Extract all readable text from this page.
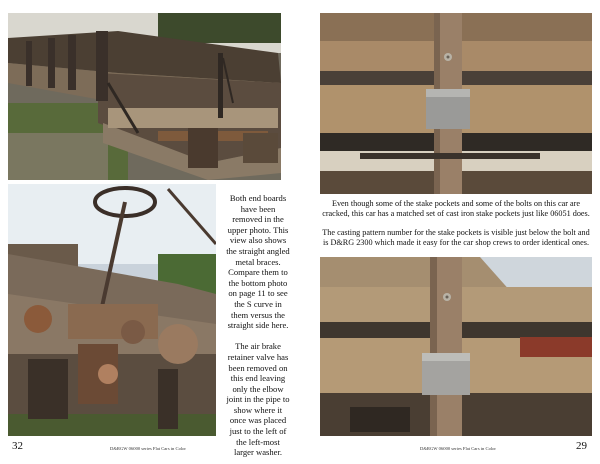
Both end boards
have been
removed in the
upper photo. This
view also shows
the straight angled
metal braces.
Compare them to
the bottom photo
on page 11 to see
the S curve in
them versus the
straight side here.
The air brake
retainer valve has
been removed on
this end leaving
only the elbow
joint in the pipe to
show where it
once was placed
just to the left of
the left-most
larger washer.
32	D&RGW 06000 series Flat Cars in Color
Even though some of the stake pockets and some of the bolts on this car are cracked, this car has a matched set of cast iron stake pockets just like 06051 does.
The casting pattern number for the stake pockets is visible just below the bolt and is D&RG 2300 which made it easy for the car shop crews to order identical ones.
D&RGW 06000 series Flat Cars in Color	29
